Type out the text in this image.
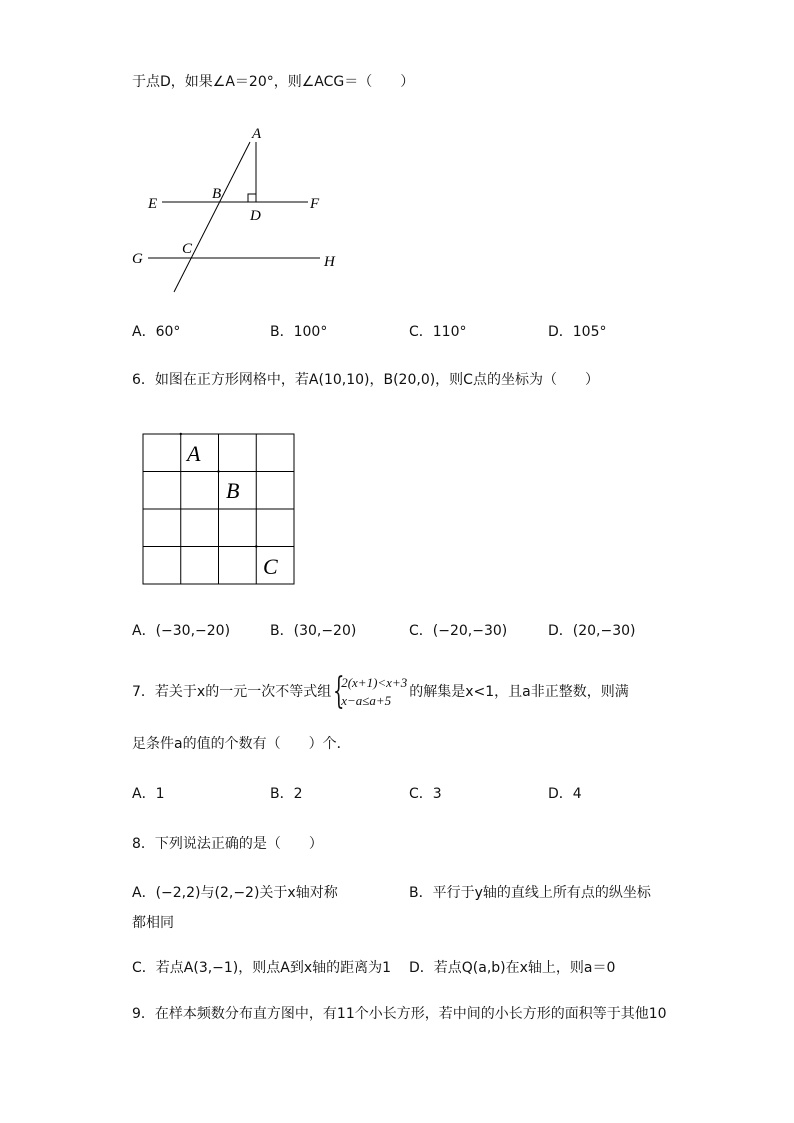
于点D，如果∠A＝20°，则∠ACG＝（　　）
A
B
D
E	F
C
G	H
A．60°	B．100°	C．110°	D．105°
6．如图在正方形网格中，若A(10,10)，B(20,0)，则C点的坐标为（　　）
A
B
C
A．(−30,−20)	B．(30,−20)	C．(−20,−30)	D．(20,−30)
7．若关于x的一元一次不等式组 {
2(x+1)<x+3
x−a≤a+5
的解集是x<1，且a非正整数，则满
足条件a的值的个数有（　　）个．
A．1	B．2	C．3	D．4
8．下列说法正确的是（　　）
A．(−2,2)与(2,−2)关于x轴对称	B．平行于y轴的直线上所有点的纵坐标
都相同
C．若点A(3,−1)，则点A到x轴的距离为1 D．若点Q(a,b)在x轴上，则a＝0
9．在样本频数分布直方图中，有11个小长方形，若中间的小长方形的面积等于其他10
